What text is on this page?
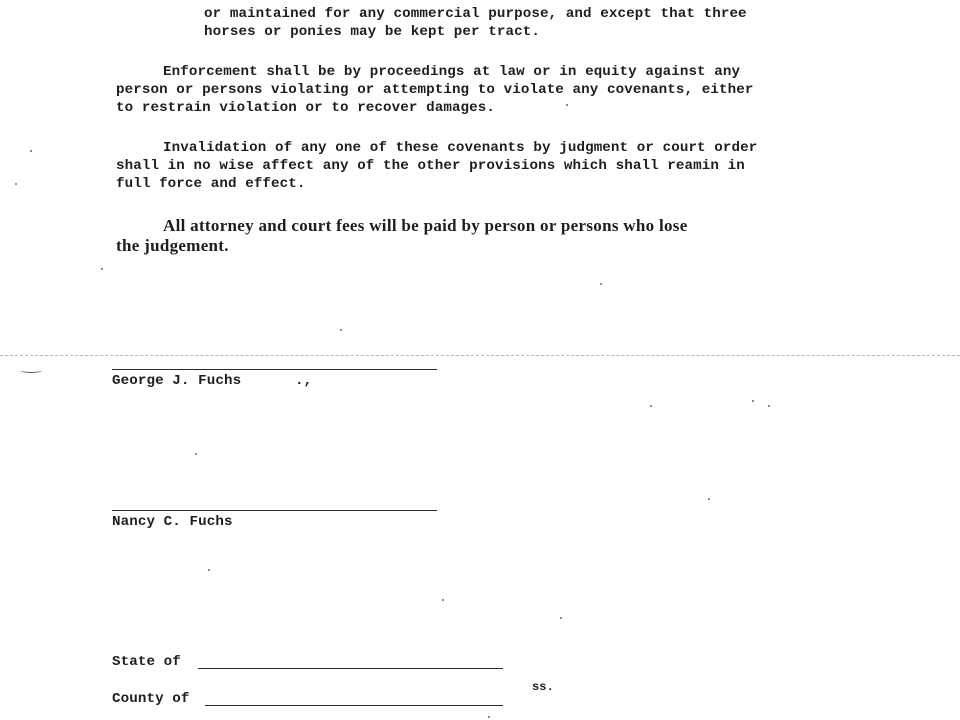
or maintained for any commercial purpose, and except that three
horses or ponies may be kept per tract.
Enforcement shall be by proceedings at law or in equity against any
person or persons violating or attempting to violate any covenants, either
to restrain violation or to recover damages.
Invalidation of any one of these covenants by judgment or court order
shall in no wise affect any of the other provisions which shall reamin in
full force and effect.
All attorney and court fees will be paid by person or persons who lose
the judgement.
George J. Fuchs	.,
Nancy C. Fuchs
State of
County of
ss.
